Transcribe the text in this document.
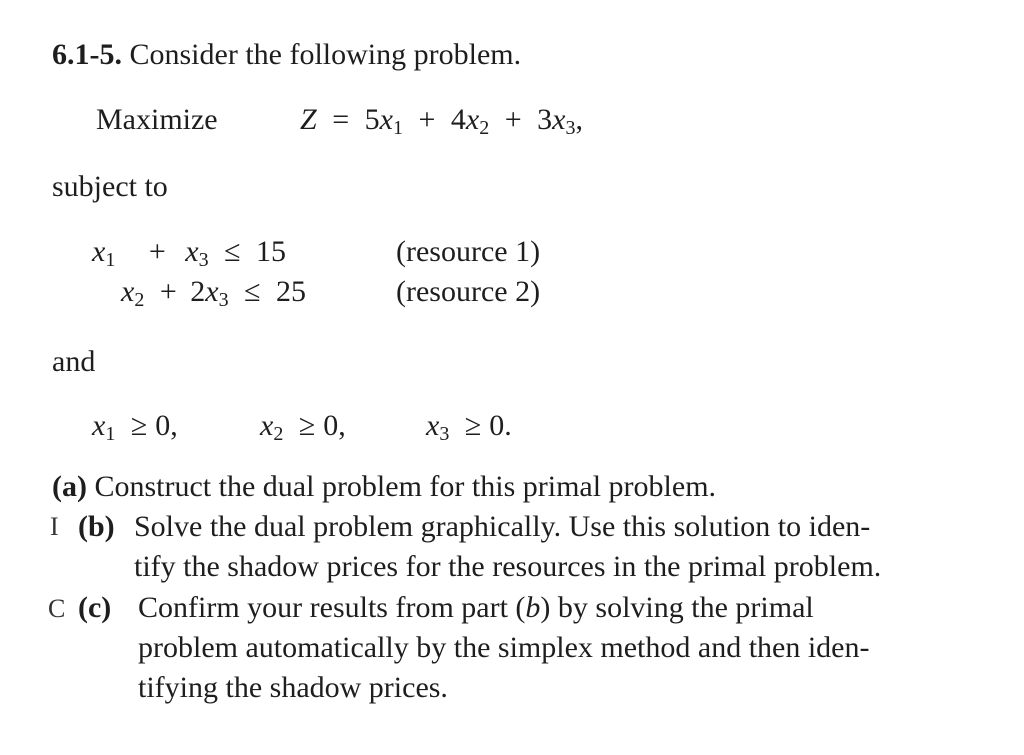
6.1-5. Consider the following problem.
Maximize	$Z = 5x_1 + 4x_2 + 3x_3$,
subject to
$x_1 + x_3 \le 15$	(resource 1)
$x_2 + 2x_3 \le 25$	(resource 2)
and
$x_1 \ge 0$,	$x_2 \ge 0$,	$x_3 \ge 0$.
(a) Construct the dual problem for this primal problem.
I (b) Solve the dual problem graphically. Use this solution to iden-
tify the shadow prices for the resources in the primal problem.
C (c) Confirm your results from part (b) by solving the primal
problem automatically by the simplex method and then iden-
tifying the shadow prices.
